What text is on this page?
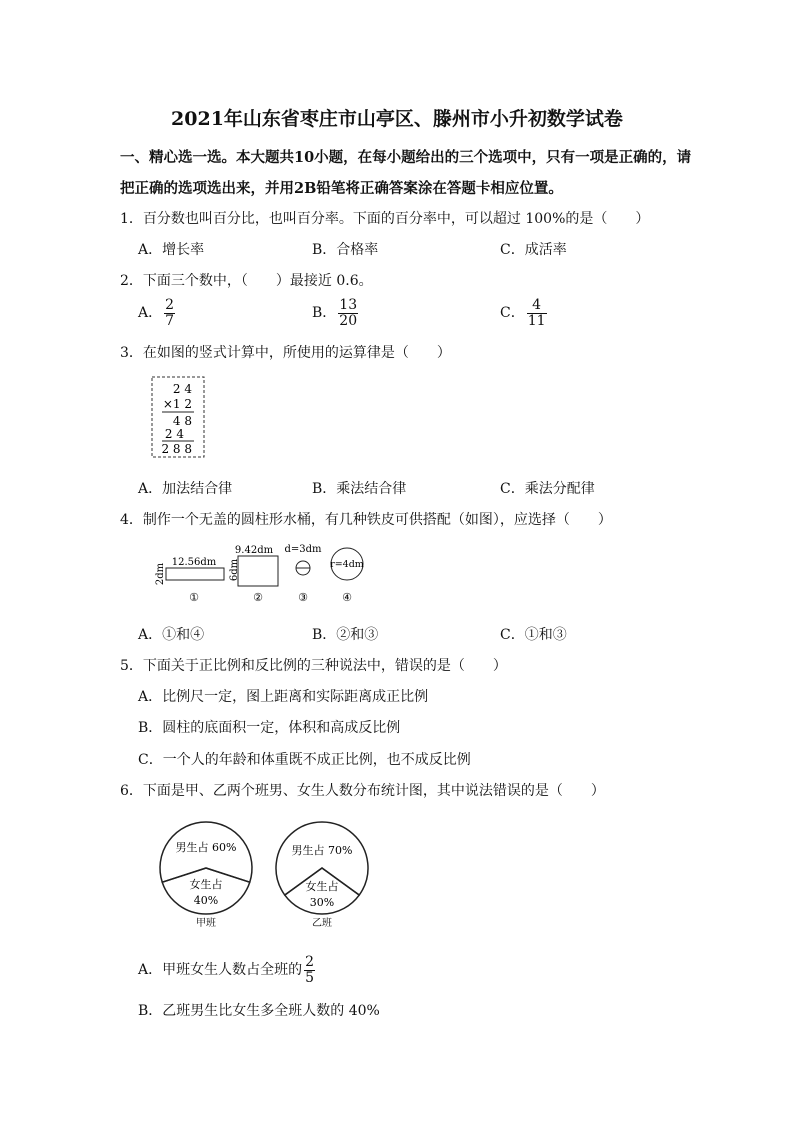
2021年山东省枣庄市山亭区、滕州市小升初数学试卷
一、精心选一选。本大题共10小题，在每小题给出的三个选项中，只有一项是正确的，请
把正确的选项选出来，并用2B铅笔将正确答案涂在答题卡相应位置。
1．百分数也叫百分比，也叫百分率。下面的百分率中，可以超过 100%的是（　　）
A．增长率	B．合格率	C．成活率
2．下面三个数中，（　　）最接近 0.6。
A． $\frac{2}{7}$	B． $\frac{13}{20}$	C． $\frac{4}{11}$
3．在如图的竖式计算中，所使用的运算律是（　　）
2 4
×1 2
4 8
2 4
2 8 8
A．加法结合律	B．乘法结合律	C．乘法分配律
4．制作一个无盖的圆柱形水桶，有几种铁皮可供搭配（如图），应选择（　　）
2dm
12.56dm
①
9.42dm
6dm
②
d=3dm
③
r=4dm
④
A．①和④	B．②和③	C．①和③
5．下面关于正比例和反比例的三种说法中，错误的是（　　）
A．比例尺一定，图上距离和实际距离成正比例
B．圆柱的底面积一定，体积和高成反比例
C．一个人的年龄和体重既不成正比例，也不成反比例
6．下面是甲、乙两个班男、女生人数分布统计图，其中说法错误的是（　　）
男生占 60%
女生占
40%
甲班
男生占 70%
女生占
30%
乙班
A．甲班女生人数占全班的 $\frac{2}{5}$
B．乙班男生比女生多全班人数的 40%
